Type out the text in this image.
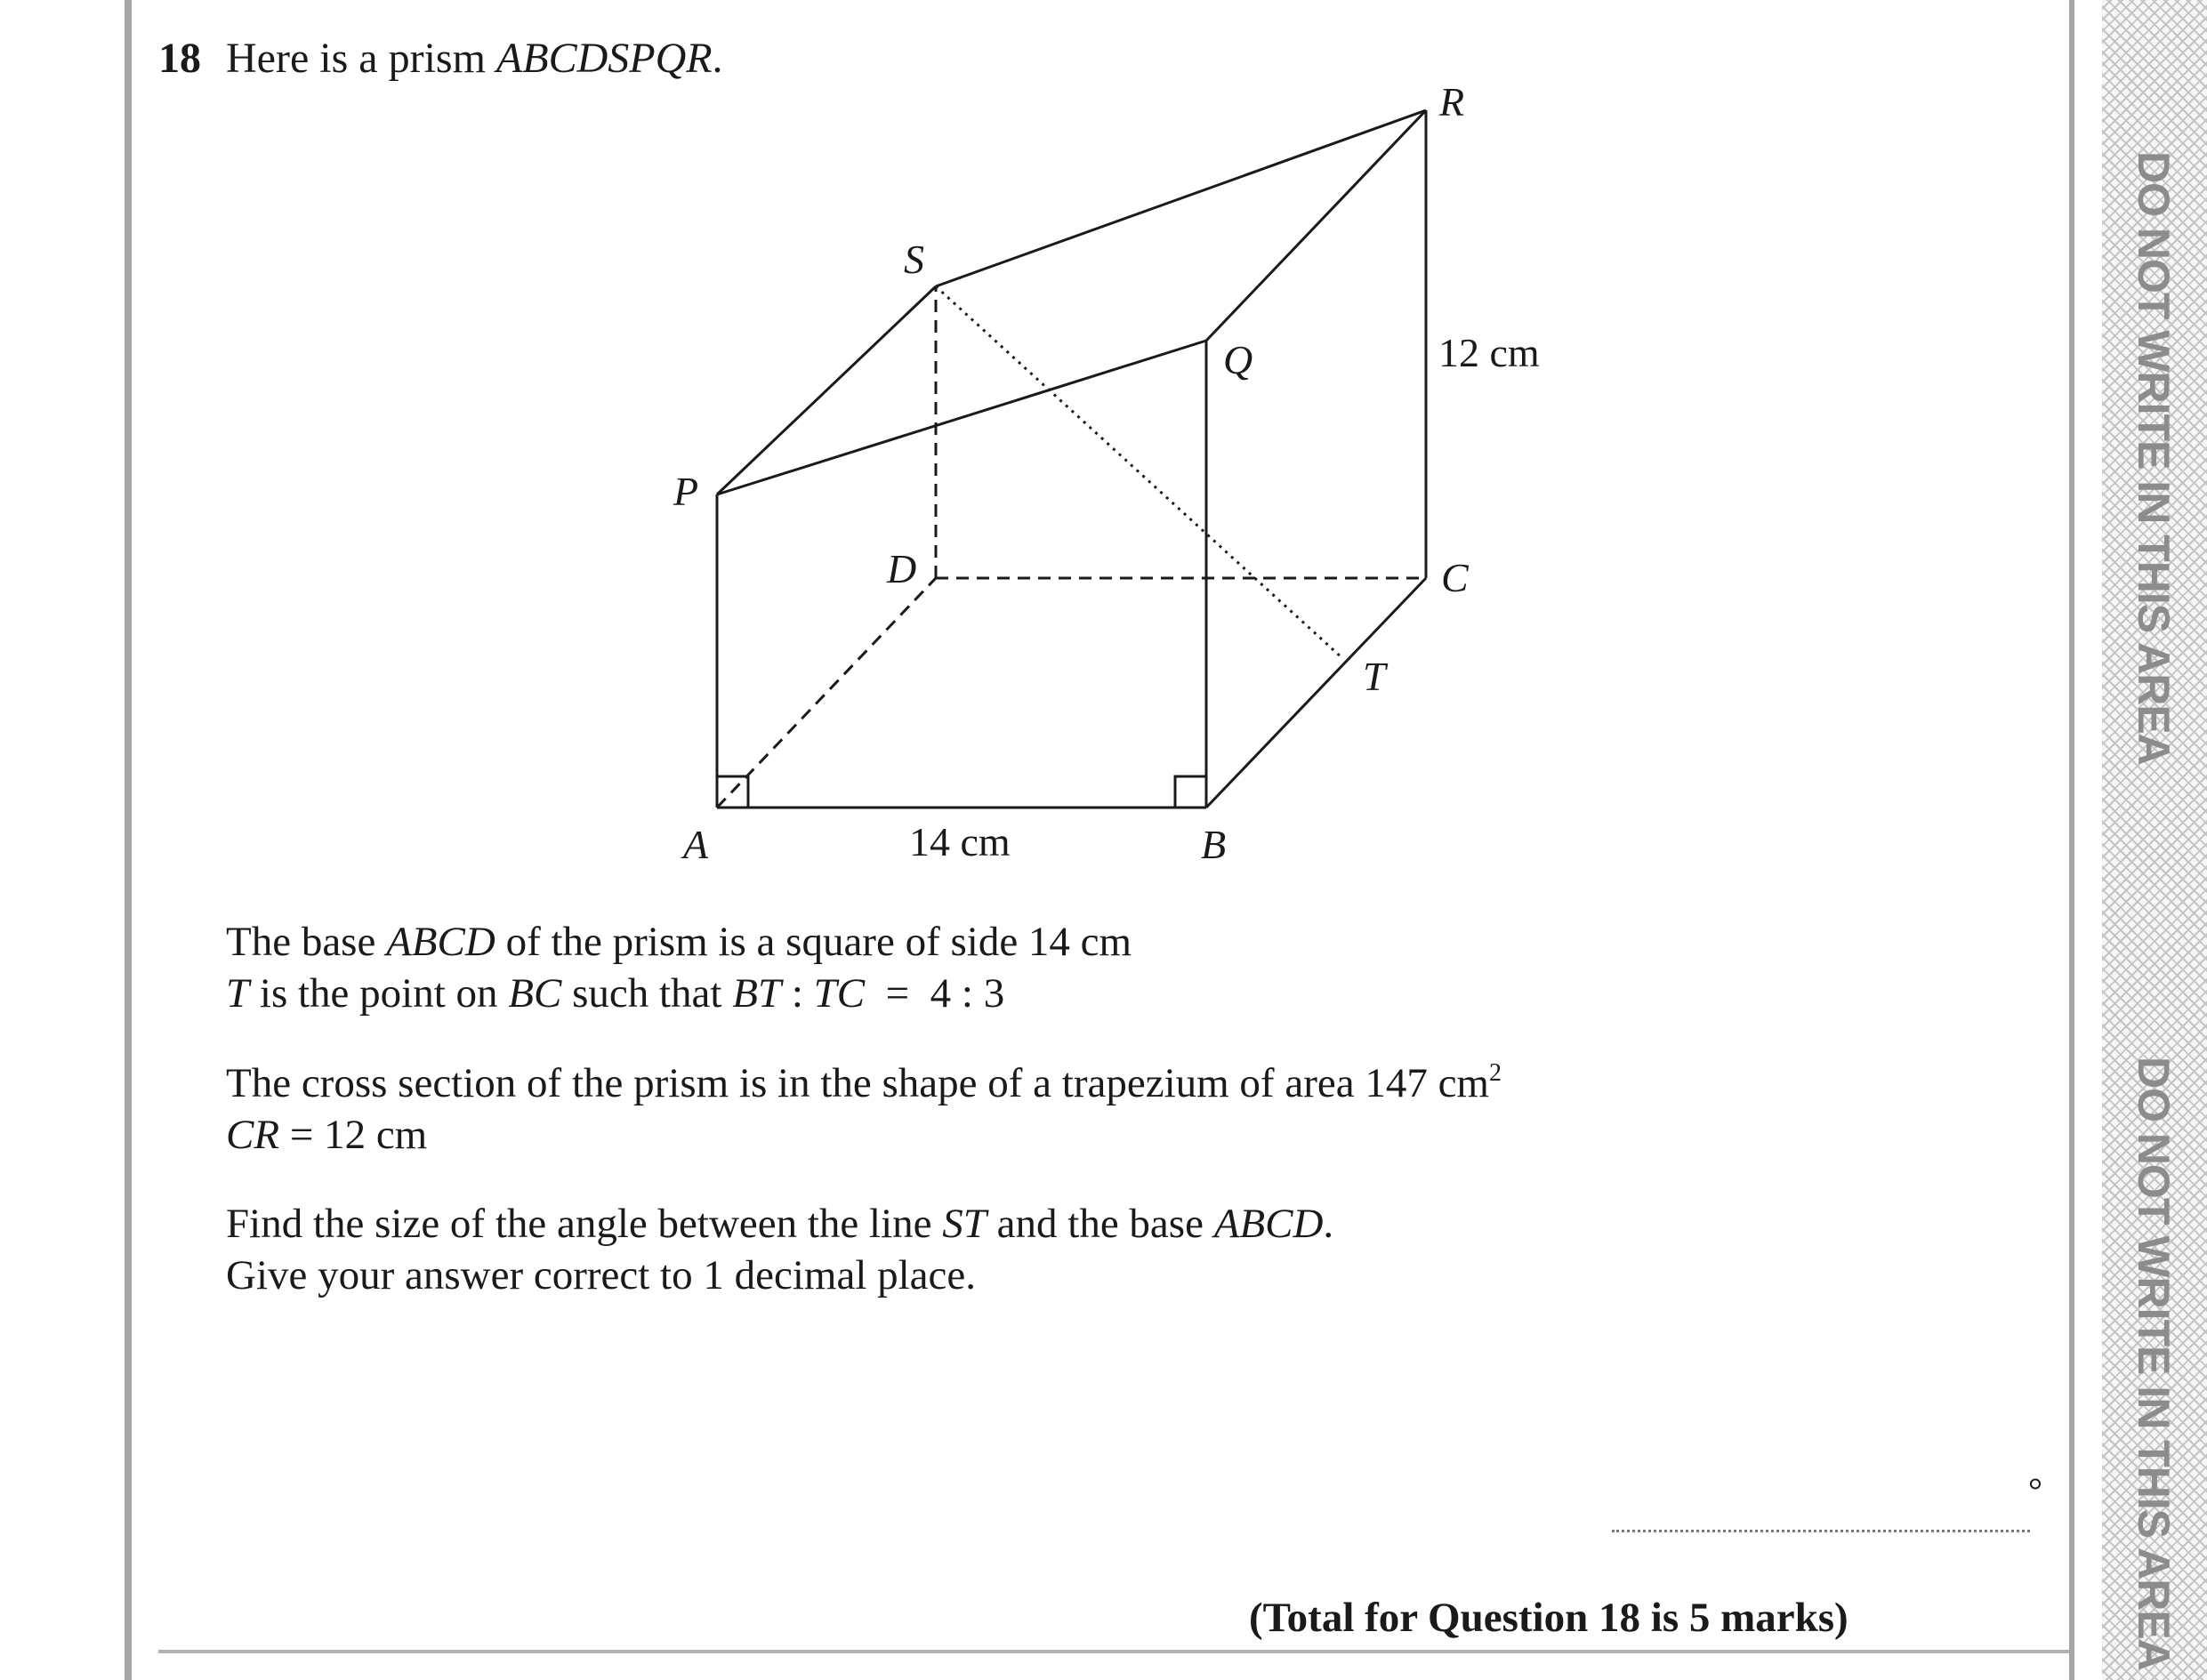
DO NOT WRITE IN THIS AREA
DO NOT WRITE IN THIS AREA
18 Here is a prism ABCDSPQR.
A	B
C
D
P
Q
R
S
T
14 cm
12 cm
The base ABCD of the prism is a square of side 14 cm
T is the point on BC such that BT : TC  =  4 : 3
The cross section of the prism is in the shape of a trapezium of area 147 $cm^2$
CR = 12 cm
Find the size of the angle between the line ST and the base ABCD.
Give your answer correct to 1 decimal place.
°
(Total for Question 18 is 5 marks)
